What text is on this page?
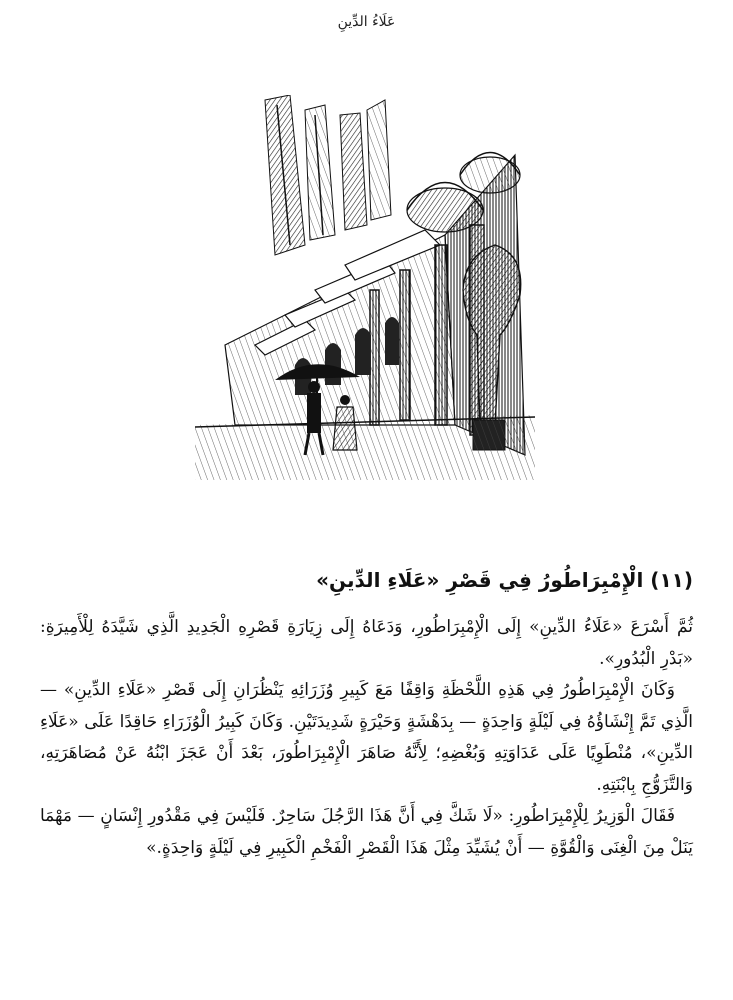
عَلَاءُ الدِّينِ
(١١) الْإِمْبِرَاطُورُ فِي قَصْرِ «عَلَاءِ الدِّينِ»

ثُمَّ أَسْرَعَ «عَلَاءُ الدِّينِ» إِلَى الْإِمْبِرَاطُورِ، وَدَعَاهُ إِلَى زِيَارَةِ قَصْرِهِ الْجَدِيدِ الَّذِي شَيَّدَهُ لِلْأَمِيرَةِ: «بَدْرِ الْبُدُورِ».

وَكَانَ الْإِمْبِرَاطُورُ فِي هَذِهِ اللَّحْظَةِ وَاقِفًا مَعَ كَبِيرِ وُزَرَائِهِ يَنْظُرَانِ إِلَى قَصْرِ «عَلَاءِ الدِّينِ» — الَّذِي تَمَّ إِنْشَاؤُهُ فِي لَيْلَةٍ وَاحِدَةٍ — بِدَهْشَةٍ وَحَيْرَةٍ شَدِيدَتَيْنِ. وَكَانَ كَبِيرُ الْوُزَرَاءِ حَاقِدًا عَلَى «عَلَاءِ الدِّينِ»، مُنْطَوِيًا عَلَى عَدَاوَتِهِ وَبُغْضِهِ؛ لِأَنَّهُ صَاهَرَ الْإِمْبِرَاطُورَ، بَعْدَ أَنْ عَجَزَ ابْنُهُ عَنْ مُصَاهَرَتِهِ، وَالتَّزَوُّجِ بِابْنَتِهِ.

فَقَالَ الْوَزِيرُ لِلْإِمْبِرَاطُورِ: «لَا شَكَّ فِي أَنَّ هَذَا الرَّجُلَ سَاحِرٌ. فَلَيْسَ فِي مَقْدُورِ إِنْسَانٍ — مَهْمَا يَنَلْ مِنَ الْغِنَى وَالْقُوَّةِ — أَنْ يُشَيِّدَ مِثْلَ هَذَا الْقَصْرِ الْفَخْمِ الْكَبِيرِ فِي لَيْلَةٍ وَاحِدَةٍ.»
